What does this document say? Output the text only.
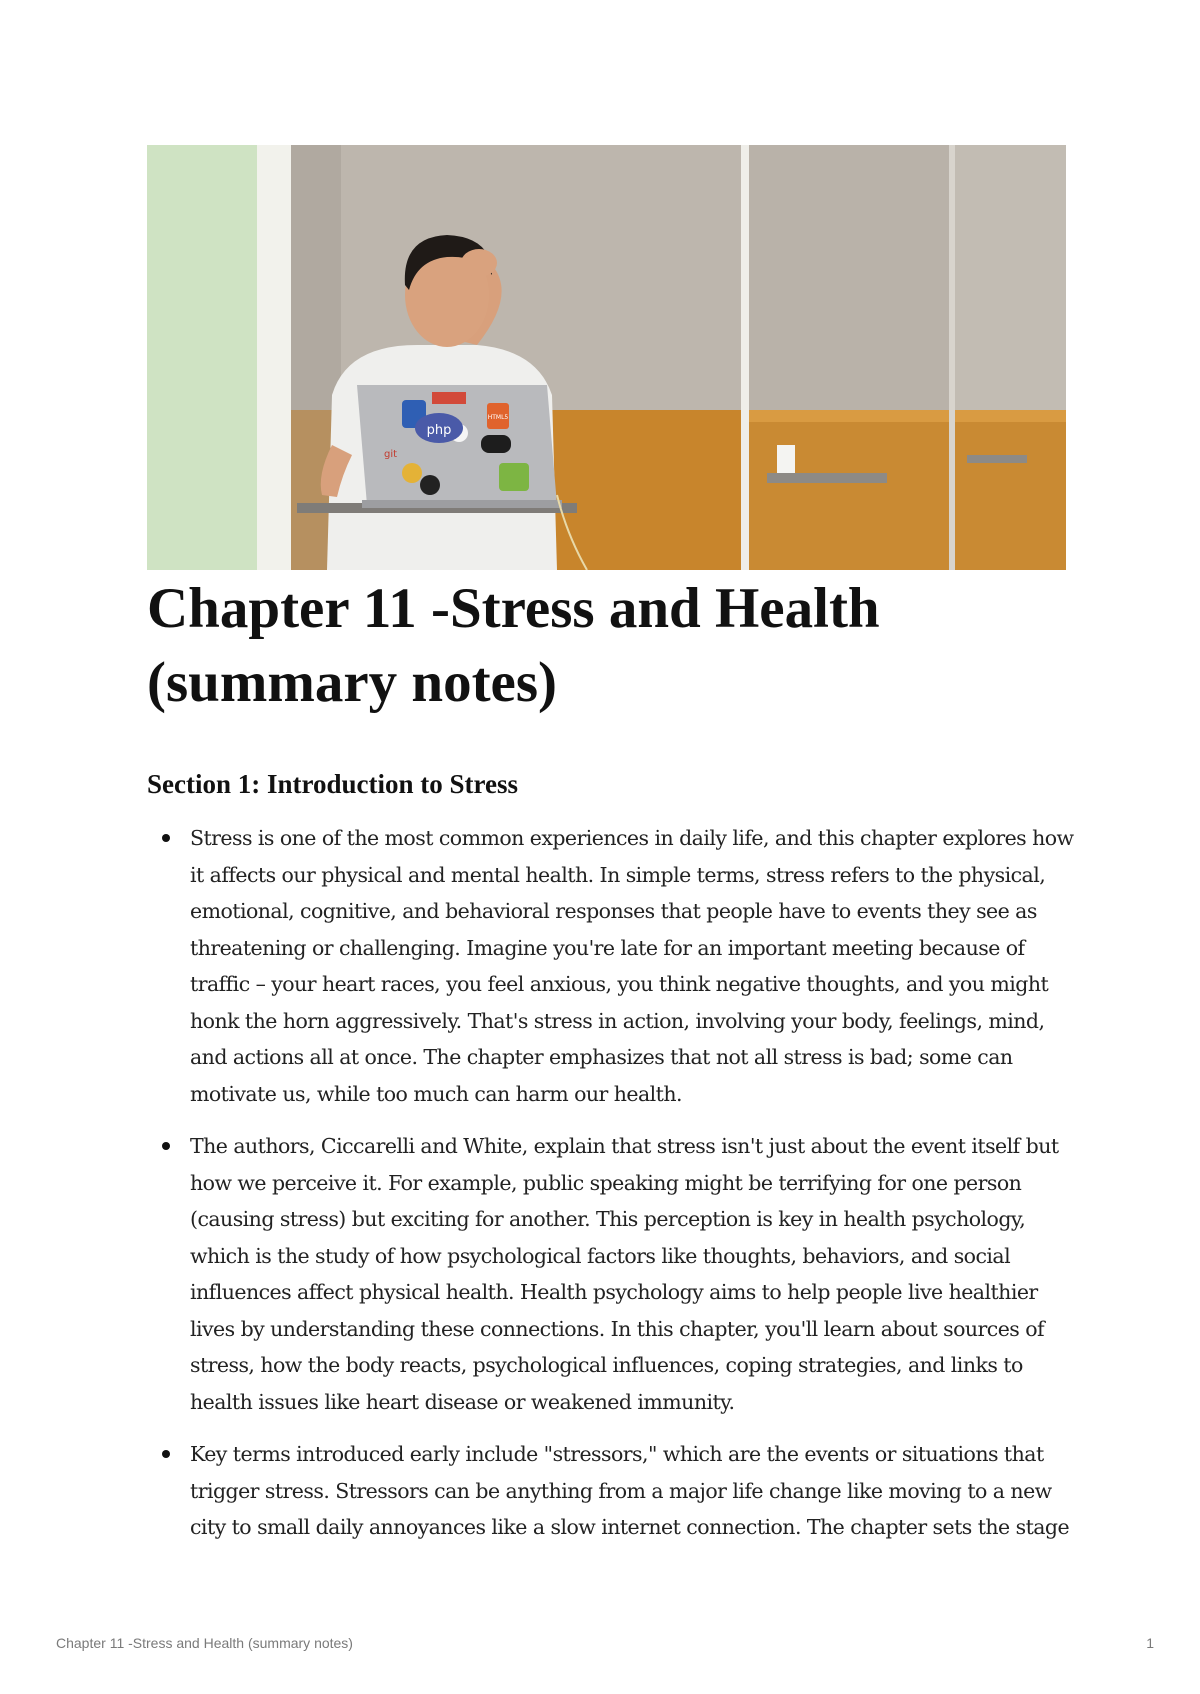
php
HTML5
git
Chapter 11 -Stress and Health (summary notes)
Section 1: Introduction to Stress
Stress is one of the most common experiences in daily life, and this chapter explores how it affects our physical and mental health. In simple terms, stress refers to the physical, emotional, cognitive, and behavioral responses that people have to events they see as threatening or challenging. Imagine you're late for an important meeting because of traffic – your heart races, you feel anxious, you think negative thoughts, and you might honk the horn aggressively. That's stress in action, involving your body, feelings, mind, and actions all at once. The chapter emphasizes that not all stress is bad; some can motivate us, while too much can harm our health.
The authors, Ciccarelli and White, explain that stress isn't just about the event itself but how we perceive it. For example, public speaking might be terrifying for one person (causing stress) but exciting for another. This perception is key in health psychology, which is the study of how psychological factors like thoughts, behaviors, and social influences affect physical health. Health psychology aims to help people live healthier lives by understanding these connections. In this chapter, you'll learn about sources of stress, how the body reacts, psychological influences, coping strategies, and links to health issues like heart disease or weakened immunity.
Key terms introduced early include "stressors," which are the events or situations that trigger stress. Stressors can be anything from a major life change like moving to a new city to small daily annoyances like a slow internet connection. The chapter sets the stage
Chapter 11 -Stress and Health (summary notes)	1
